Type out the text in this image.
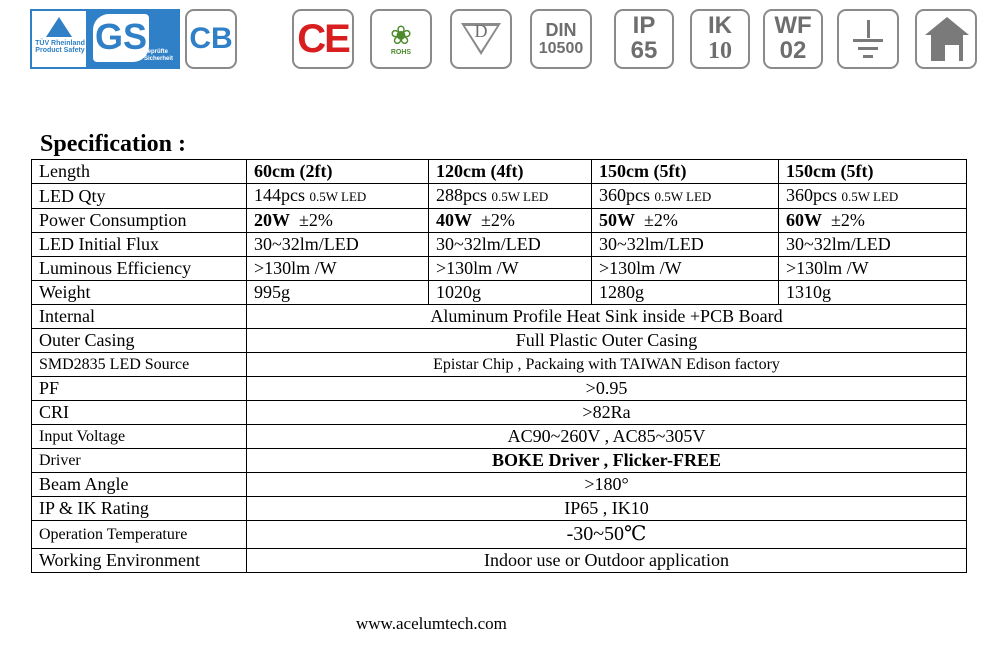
TÜV Rheinland Product Safety GS
geprüfte Sicherheit
CB CE ❀
ROHS
D	DIN
10500
IP
65
IK
10
WF
02
Specification :
Length	60cm (2ft)	120cm (4ft)	150cm (5ft)	150cm (5ft)
LED Qty	144pcs 0.5W LED	288pcs 0.5W LED	360pcs 0.5W LED	360pcs 0.5W LED
Power Consumption	20W ±2%	40W ±2%	50W ±2%	60W ±2%
LED Initial Flux	30~32lm/LED	30~32lm/LED	30~32lm/LED	30~32lm/LED
Luminous Efficiency	>130lm /W	>130lm /W	>130lm /W	>130lm /W
Weight	995g	1020g	1280g	1310g
Internal	Aluminum Profile Heat Sink inside +PCB Board			
Outer Casing	Full Plastic Outer Casing			
SMD2835 LED Source	Epistar Chip , Packaing with TAIWAN Edison factory			
PF	>0.95			
CRI	>82Ra			
Input Voltage	AC90~260V , AC85~305V			
Driver	BOKE Driver , Flicker-FREE			
Beam Angle	>180°			
IP & IK Rating	IP65 , IK10			
Operation Temperature	-30~50℃			
Working Environment	Indoor use or Outdoor application			
www.acelumtech.com
